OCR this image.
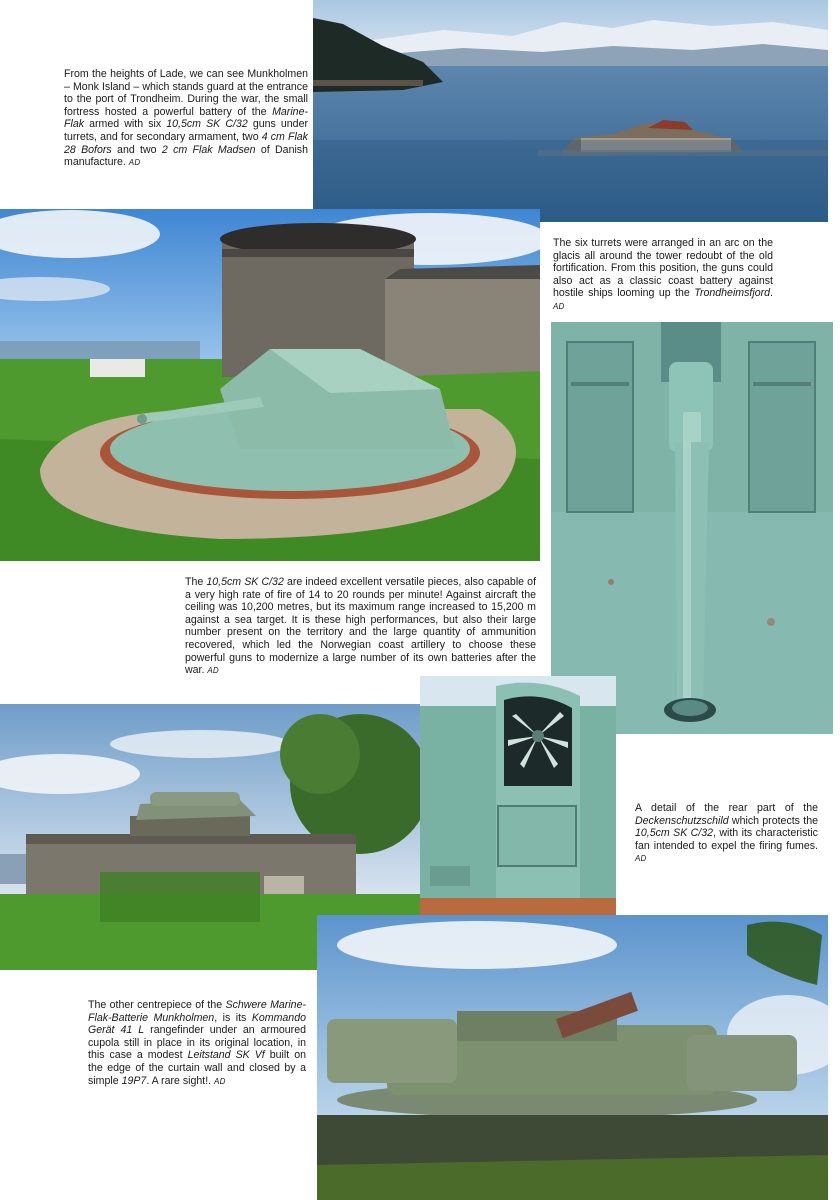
From the heights of Lade, we can see Munkholmen – Monk Island – which stands guard at the entrance to the port of Trondheim. During the war, the small fortress hosted a powerful battery of the Marine-Flak armed with six 10,5cm SK C/32 guns under turrets, and for secondary armament, two 4 cm Flak 28 Bofors and two 2 cm Flak Madsen of Danish manufacture. AD
The six turrets were arranged in an arc on the glacis all around the tower redoubt of the old fortification. From this position, the guns could also act as a classic coast battery against hostile ships looming up the Trondheimsfjord. AD
The 10,5cm SK C/32 are indeed excellent versatile pieces, also capable of a very high rate of fire of 14 to 20 rounds per minute! Against aircraft the ceiling was 10,200 metres, but its maximum range increased to 15,200 m against a sea target. It is these high performances, but also their large number present on the territory and the large quantity of ammunition recovered, which led the Norwegian coast artillery to choose these powerful guns to modernize a large number of its own batteries after the war. AD
A detail of the rear part of the Deckenschutzschild which protects the 10,5cm SK C/32, with its characteristic fan intended to expel the firing fumes. AD
The other centrepiece of the Schwere Marine-Flak-Batterie Munkholmen, is its Kommando Gerät 41 L rangefinder under an armoured cupola still in place in its original location, in this case a modest Leitstand SK Vf built on the edge of the curtain wall and closed by a simple 19P7. A rare sight!. AD
